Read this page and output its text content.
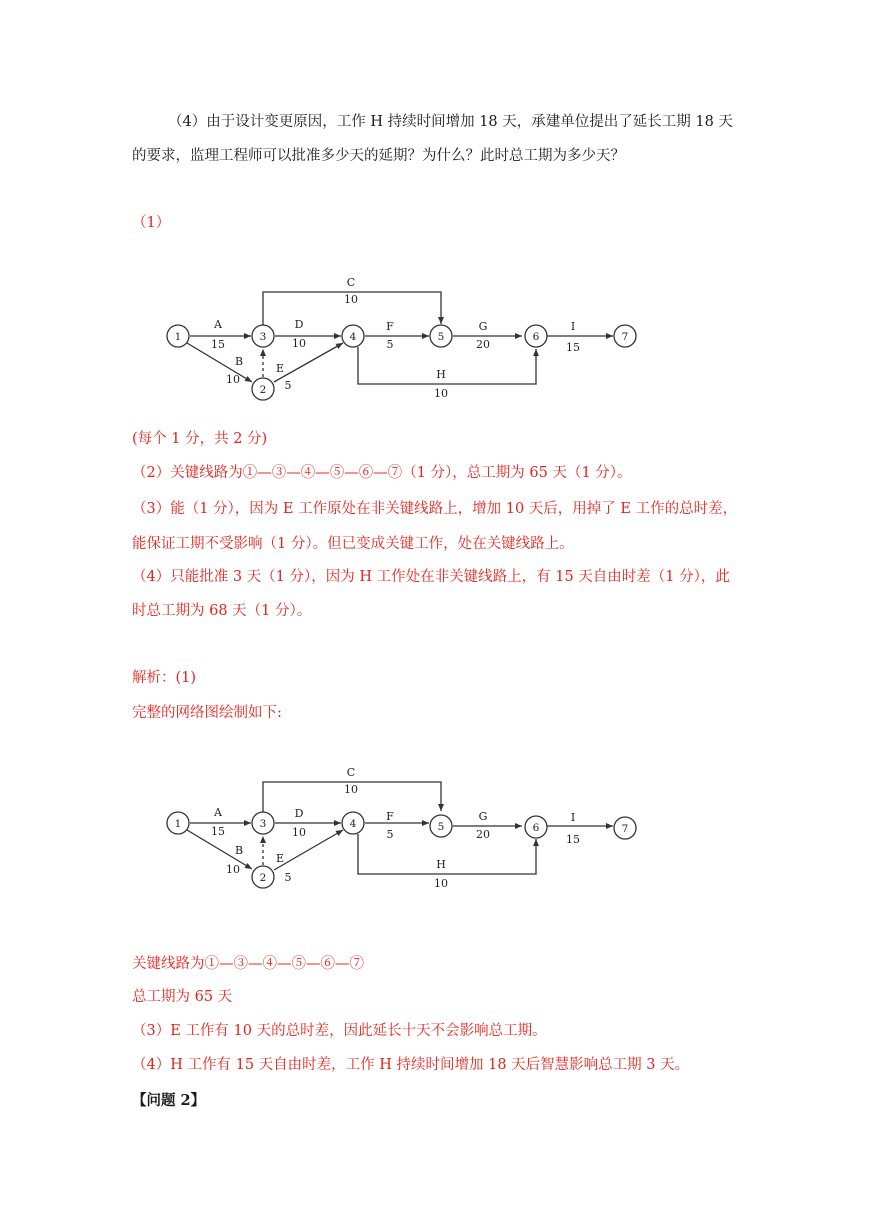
（4）由于设计变更原因，工作 H 持续时间增加 18 天，承建单位提出了延长工期 18 天
的要求，监理工程师可以批准多少天的延期？为什么？此时总工期为多少天？
（1）
1
2
3	4	5	6	7
A
15
B
10
C
10
D
10
E
5
F
5
G
20
H
10
I
15
(每个 1 分，共 2 分)
（2）关键线路为①—③—④—⑤—⑥—⑦（1 分），总工期为 65 天（1 分）。
（3）能（1 分），因为 E 工作原处在非关键线路上，增加 10 天后，用掉了 E 工作的总时差，
能保证工期不受影响（1 分）。但已变成关键工作，处在关键线路上。
（4）只能批准 3 天（1 分），因为 H 工作处在非关键线路上，有 15 天自由时差（1 分），此
时总工期为 68 天（1 分）。
解析：(1)
完整的网络图绘制如下:
1
2
3	4	5	6	7
A
15
B
10
C
10
D
10
E
5
F
5
G
20
H
10
I
15
关键线路为①—③—④—⑤—⑥—⑦
总工期为 65 天
（3）E 工作有 10 天的总时差，因此延长十天不会影响总工期。
（4）H 工作有 15 天自由时差，工作 H 持续时间增加 18 天后智慧影响总工期 3 天。
【问题 2】
